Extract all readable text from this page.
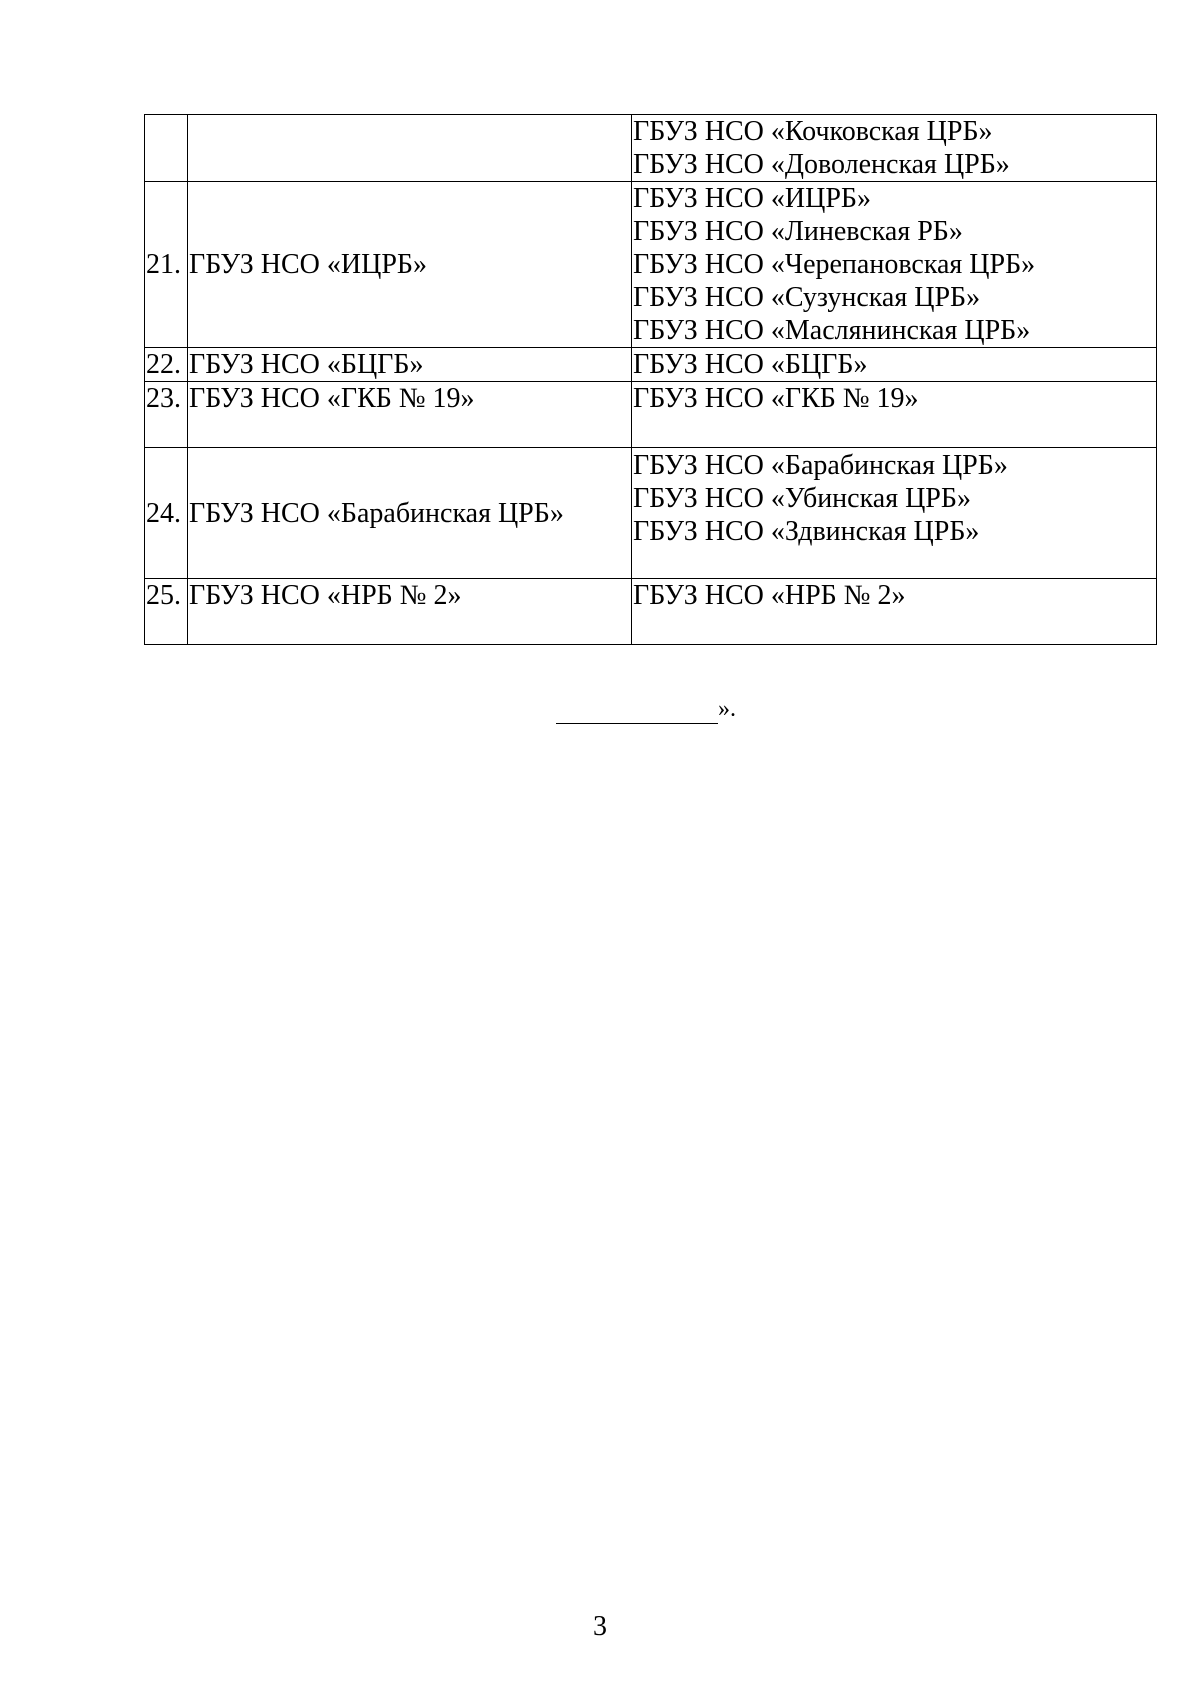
		ГБУЗ НСО «Кочковская ЦРБ»
ГБУЗ НСО «Доволенская ЦРБ»

21.	ГБУЗ НСО «ИЦРБ»	ГБУЗ НСО «ИЦРБ»
ГБУЗ НСО «Линевская РБ»
ГБУЗ НСО «Черепановская ЦРБ»
ГБУЗ НСО «Сузунская ЦРБ»
ГБУЗ НСО «Маслянинская ЦРБ»

22.	ГБУЗ НСО «БЦГБ»	ГБУЗ НСО «БЦГБ»

23.	ГБУЗ НСО «ГКБ № 19»	ГБУЗ НСО «ГКБ № 19»

24.	ГБУЗ НСО «Барабинская ЦРБ»	ГБУЗ НСО «Барабинская ЦРБ»
ГБУЗ НСО «Убинская ЦРБ»
ГБУЗ НСО «Здвинская ЦРБ»

25.	ГБУЗ НСО «НРБ № 2»	ГБУЗ НСО «НРБ № 2»
».
3
